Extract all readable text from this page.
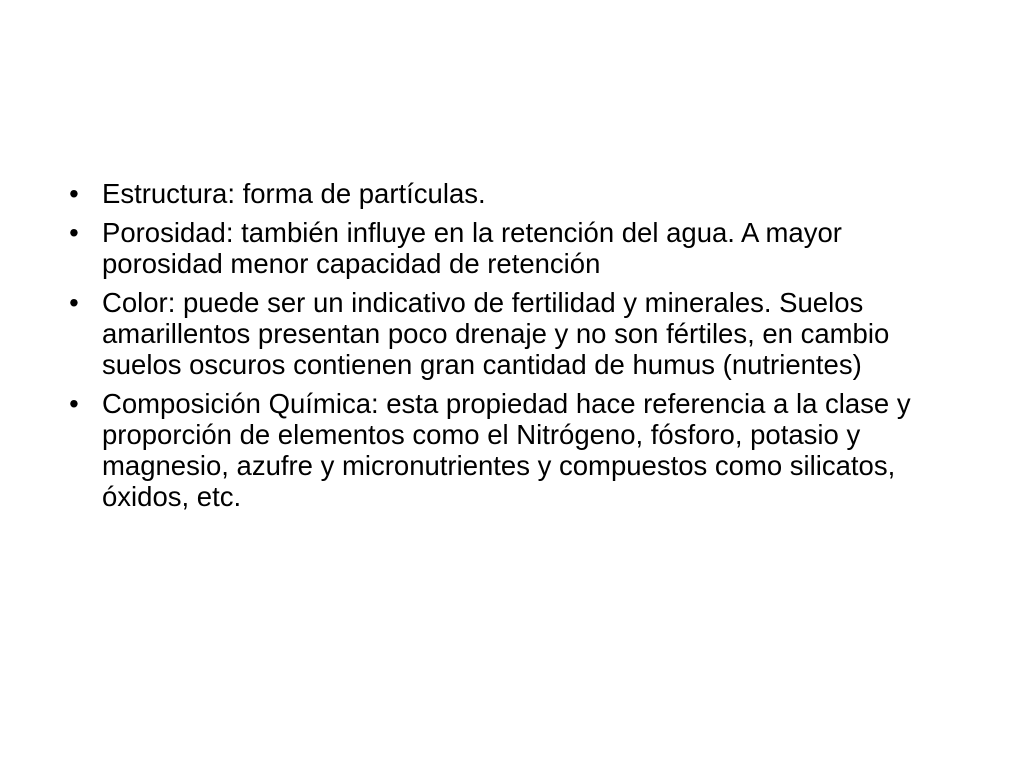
• Estructura: forma de partículas.
• Porosidad: también influye en la retención del agua. A mayor porosidad menor capacidad de retención
• Color: puede ser un indicativo de fertilidad y minerales. Suelos amarillentos presentan poco drenaje y no son fértiles, en cambio suelos oscuros contienen gran cantidad de humus (nutrientes)
• Composición Química: esta propiedad hace referencia a la clase y proporción de elementos como el Nitrógeno, fósforo, potasio y magnesio, azufre y micronutrientes y compuestos como silicatos, óxidos, etc.
